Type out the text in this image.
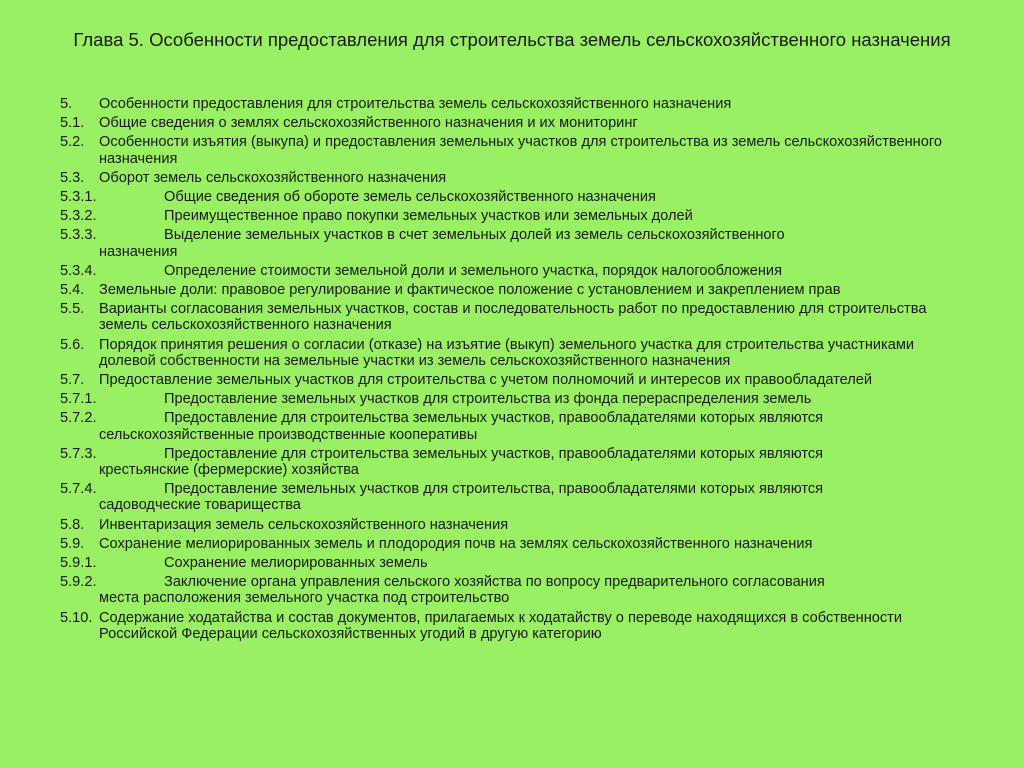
Глава 5. Особенности предоставления для строительства земель сельскохозяйственного назначения
5. Особенности предоставления для строительства земель сельскохозяйственного назначения
5.1. Общие сведения о землях сельскохозяйственного назначения и их мониторинг
5.2. Особенности изъятия (выкупа) и предоставления земельных участков для строительства из земель сельскохозяйственного назначения
5.3. Оборот земель сельскохозяйственного назначения
5.3.1.	Общие сведения об обороте земель сельскохозяйственного назначения
5.3.2.	Преимущественное право покупки земельных участков или земельных долей
5.3.3.	Выделение земельных участков в счет земельных долей из земель сельскохозяйственного
назначения
5.3.4.	Определение стоимости земельной доли и земельного участка, порядок налогообложения
5.4. Земельные доли: правовое регулирование и фактическое положение с установлением и закреплением прав
5.5. Варианты согласования земельных участков, состав и последовательность работ по предоставлению для строительства земель сельскохозяйственного назначения
5.6. Порядок принятия решения о согласии (отказе) на изъятие (выкуп) земельного участка для строительства участниками долевой собственности на земельные участки из земель сельскохозяйственного назначения
5.7. Предоставление земельных участков для строительства с учетом полномочий и интересов их правообладателей
5.7.1.	Предоставление земельных участков для строительства из фонда перераспределения земель
5.7.2.	Предоставление для строительства земельных участков, правообладателями которых являются
сельскохозяйственные производственные кооперативы
5.7.3.	Предоставление для строительства земельных участков, правообладателями которых являются
крестьянские (фермерские) хозяйства
5.7.4.	Предоставление земельных участков для строительства, правообладателями которых являются
садоводческие товарищества
5.8. Инвентаризация земель сельскохозяйственного назначения
5.9. Сохранение мелиорированных земель и плодородия почв на землях сельскохозяйственного назначения
5.9.1.	Сохранение мелиорированных земель
5.9.2.	Заключение органа управления сельского хозяйства по вопросу предварительного согласования
места расположения земельного участка под строительство
5.10. Содержание ходатайства и состав документов, прилагаемых к ходатайству о переводе находящихся в собственности Российской Федерации сельскохозяйственных угодий в другую категорию
